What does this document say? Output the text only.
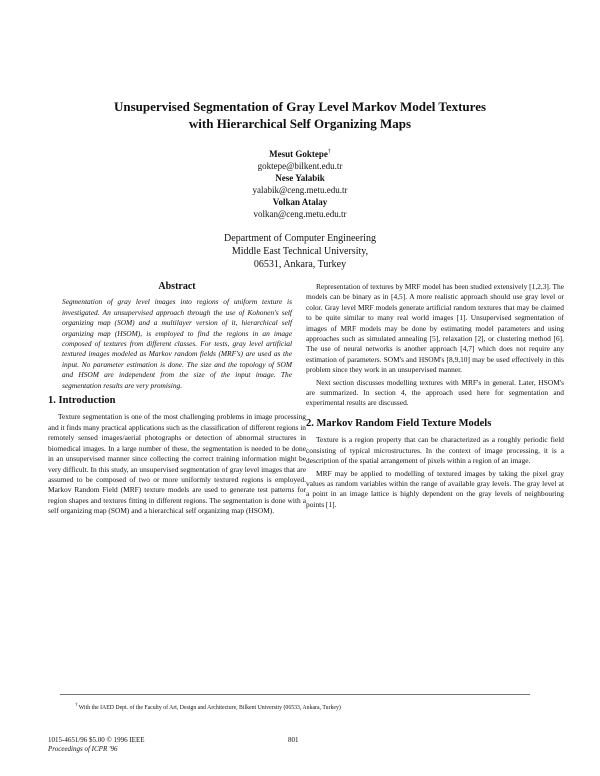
Unsupervised Segmentation of Gray Level Markov Model Textures
with Hierarchical Self Organizing Maps
Mesut Goktepe†
goktepe@bilkent.edu.tr
Nese Yalabik
yalabik@ceng.metu.edu.tr
Volkan Atalay
volkan@ceng.metu.edu.tr
Department of Computer Engineering
Middle East Technical University,
06531, Ankara, Turkey
Abstract

Segmentation of gray level images into regions of uniform texture is investigated. An unsupervised approach through the use of Kohonen's self organizing map (SOM) and a multilayer version of it, hierarchical self organizing map (HSOM), is employed to find the regions in an image composed of textures from different classes. For tests, gray level artificial textured images modeled as Markov random fields (MRF's) are used as the input. No parameter estimation is done. The size and the topology of SOM and HSOM are independent from the size of the input image. The segmentation results are very promising.

1. Introduction

Texture segmentation is one of the most challenging problems in image processing and it finds many practical applications such as the classification of different regions in remotely sensed images/aerial photographs or detection of abnormal structures in biomedical images. In a large number of these, the segmentation is needed to be done in an unsupervised manner since collecting the correct training information might be very difficult. In this study, an unsupervised segmentation of gray level images that are assumed to be composed of two or more uniformly textured regions is employed. Markov Random Field (MRF) texture models are used to generate test patterns for region shapes and textures fitting in different regions. The segmentation is done with a self organizing map (SOM) and a hierarchical self organizing map (HSOM).

Representation of textures by MRF model has been studied extensively [1,2,3]. The models can be binary as in [4,5]. A more realistic approach should use gray level or color. Gray level MRF models generate artificial random textures that may be claimed to be quite similar to many real world images [1]. Unsupervised segmentation of images of MRF models may be done by estimating model parameters and using approaches such as simulated annealing [5], relaxation [2], or clustering method [6]. The use of neural networks is another approach [4,7] which does not require any estimation of parameters. SOM's and HSOM's [8,9,10] may be used effectively in this problem since they work in an unsupervised manner.

Next section discusses modelling textures with MRF's in general. Later, HSOM's are summarized. In section 4, the approach used here for segmentation and experimental results are discussed.

2. Markov Random Field Texture Models

Texture is a region property that can be characterized as a roughly periodic field consisting of typical microstructures. In the context of image processing, it is a description of the spatial arrangement of pixels within a region of an image.

MRF may be applied to modelling of textured images by taking the pixel gray values as random variables within the range of available gray levels. The gray level at a point in an image lattice is highly dependent on the gray levels of neighbouring points [1].

† With the IAED Dept. of the Faculty of Art, Design and Architecture, Bilkent University (06533, Ankara, Turkey)
1015-4651/96 $5.00 © 1996 IEEE
Proceedings of ICPR '96
801
